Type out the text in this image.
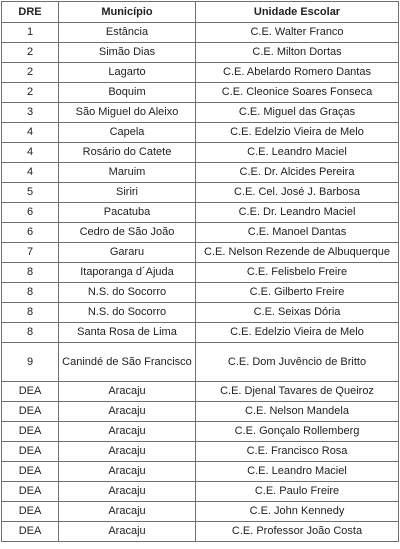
DRE	Município	Unidade Escolar
1	Estância	C.E. Walter Franco
2	Simão Dias	C.E. Milton Dortas
2	Lagarto	C.E. Abelardo Romero Dantas
2	Boquim	C.E. Cleonice Soares Fonseca
3	São Miguel do Aleixo	C.E. Miguel das Graças
4	Capela	C.E. Edelzio Vieira de Melo
4	Rosário do Catete	C.E. Leandro Maciel
4	Maruim	C.E. Dr. Alcides Pereira
5	Siriri	C.E. Cel. José J. Barbosa
6	Pacatuba	C.E. Dr. Leandro Maciel
6	Cedro de São João	C.E. Manoel Dantas
7	Gararu	C.E. Nelson Rezende de Albuquerque
8	Itaporanga d´Ajuda	C.E. Felisbelo Freire
8	N.S. do Socorro	C.E. Gilberto Freire
8	N.S. do Socorro	C.E. Seixas Dória
8	Santa Rosa de Lima	C.E. Edelzio Vieira de Melo
9	Canindé de São Francisco	C.E. Dom Juvêncio de Britto
DEA	Aracaju	C.E. Djenal Tavares de Queiroz
DEA	Aracaju	C.E. Nelson Mandela
DEA	Aracaju	C.E. Gonçalo Rollemberg
DEA	Aracaju	C.E. Francisco Rosa
DEA	Aracaju	C.E. Leandro Maciel
DEA	Aracaju	C.E. Paulo Freire
DEA	Aracaju	C.E. John Kennedy
DEA	Aracaju	C.E. Professor João Costa
